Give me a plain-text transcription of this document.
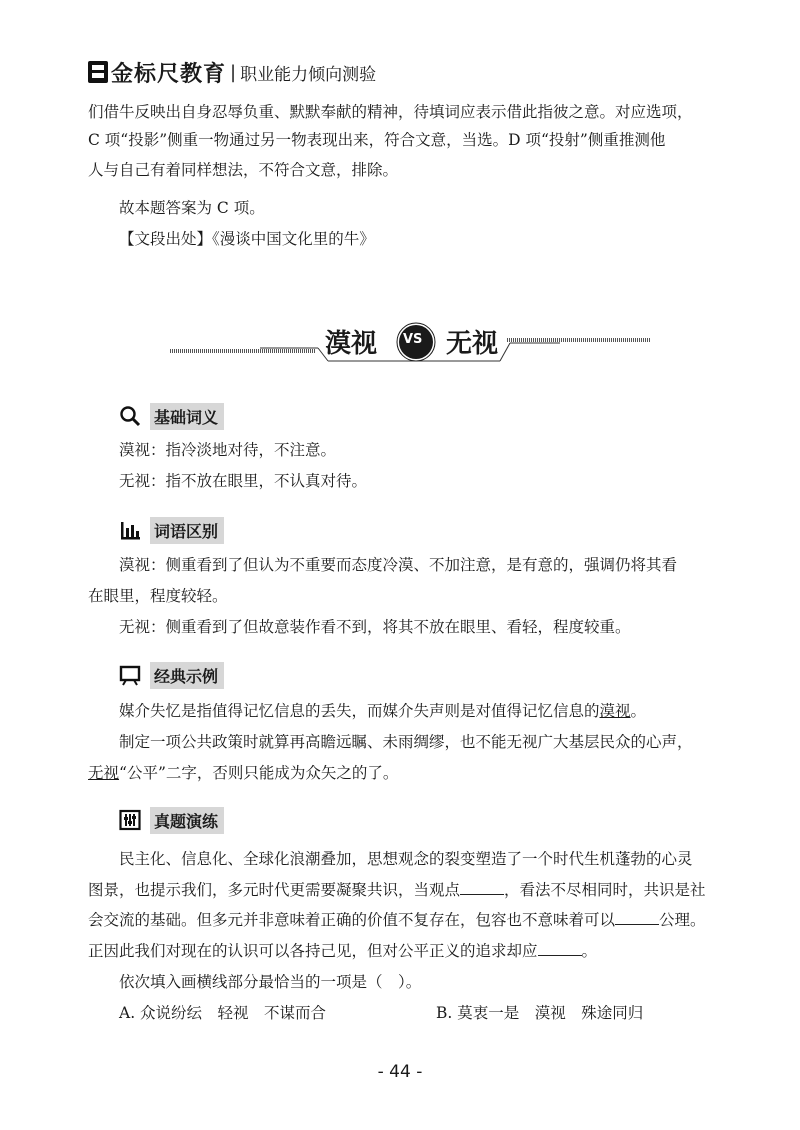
金标尺教育 | 职业能力倾向测验
们借牛反映出自身忍辱负重、默默奉献的精神，待填词应表示借此指彼之意。对应选项，
C 项“投影”侧重一物通过另一物表现出来，符合文意，当选。D 项“投射”侧重推测他
人与自己有着同样想法，不符合文意，排除。
故本题答案为 C 项。
【文段出处】《漫谈中国文化里的牛》
漠视 VS 无视
基础词义
漠视：指冷淡地对待，不注意。
无视：指不放在眼里，不认真对待。
词语区别
漠视：侧重看到了但认为不重要而态度冷漠、不加注意，是有意的，强调仍将其看
在眼里，程度较轻。
无视：侧重看到了但故意装作看不到，将其不放在眼里、看轻，程度较重。
经典示例
媒介失忆是指值得记忆信息的丢失，而媒介失声则是对值得记忆信息的漠视。
制定一项公共政策时就算再高瞻远瞩、未雨绸缪，也不能无视广大基层民众的心声，
无视“公平”二字，否则只能成为众矢之的了。
真题演练
民主化、信息化、全球化浪潮叠加，思想观念的裂变塑造了一个时代生机蓬勃的心灵
图景，也提示我们，多元时代更需要凝聚共识，当观点	，看法不尽相同时，共识是社
会交流的基础。但多元并非意味着正确的价值不复存在，包容也不意味着可以	公理。
正因此我们对现在的认识可以各持己见，但对公平正义的追求却应	。
依次填入画横线部分最恰当的一项是（　）。
A. 众说纷纭　轻视　不谋而合	B. 莫衷一是　漠视　殊途同归
- 44 -
